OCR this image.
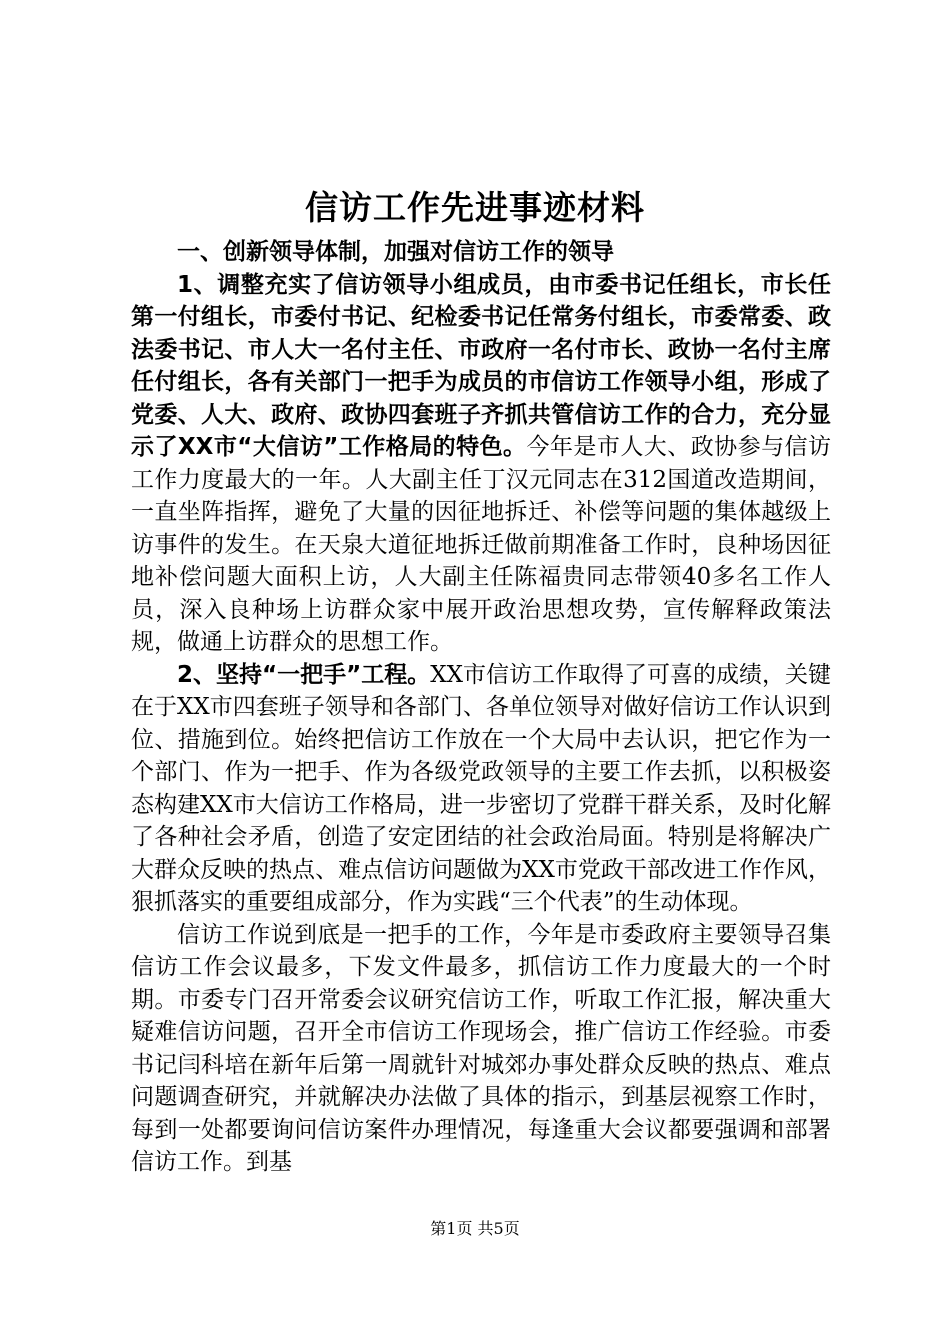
信访工作先进事迹材料

一、创新领导体制，加强对信访工作的领导

1、调整充实了信访领导小组成员，由市委书记任组长，市长任第一付组长，市委付书记、纪检委书记任常务付组长，市委常委、政法委书记、市人大一名付主任、市政府一名付市长、政协一名付主席任付组长，各有关部门一把手为成员的市信访工作领导小组，形成了党委、人大、政府、政协四套班子齐抓共管信访工作的合力，充分显示了XX市“大信访”工作格局的特色。今年是市人大、政协参与信访工作力度最大的一年。人大副主任丁汉元同志在312国道改造期间，一直坐阵指挥，避免了大量的因征地拆迁、补偿等问题的集体越级上访事件的发生。在天泉大道征地拆迁做前期准备工作时，良种场因征地补偿问题大面积上访，人大副主任陈福贵同志带领40多名工作人员，深入良种场上访群众家中展开政治思想攻势，宣传解释政策法规，做通上访群众的思想工作。

2、坚持“一把手”工程。XX市信访工作取得了可喜的成绩，关键在于XX市四套班子领导和各部门、各单位领导对做好信访工作认识到位、措施到位。始终把信访工作放在一个大局中去认识，把它作为一个部门、作为一把手、作为各级党政领导的主要工作去抓，以积极姿态构建XX市大信访工作格局，进一步密切了党群干群关系，及时化解了各种社会矛盾，创造了安定团结的社会政治局面。特别是将解决广大群众反映的热点、难点信访问题做为XX市党政干部改进工作作风，狠抓落实的重要组成部分，作为实践“三个代表”的生动体现。

信访工作说到底是一把手的工作，今年是市委政府主要领导召集信访工作会议最多，下发文件最多，抓信访工作力度最大的一个时期。市委专门召开常委会议研究信访工作，听取工作汇报，解决重大疑难信访问题，召开全市信访工作现场会，推广信访工作经验。市委书记闫科培在新年后第一周就针对城郊办事处群众反映的热点、难点问题调查研究，并就解决办法做了具体的指示，到基层视察工作时，每到一处都要询问信访案件办理情况，每逢重大会议都要强调和部署信访工作。到基

第1页 共5页
